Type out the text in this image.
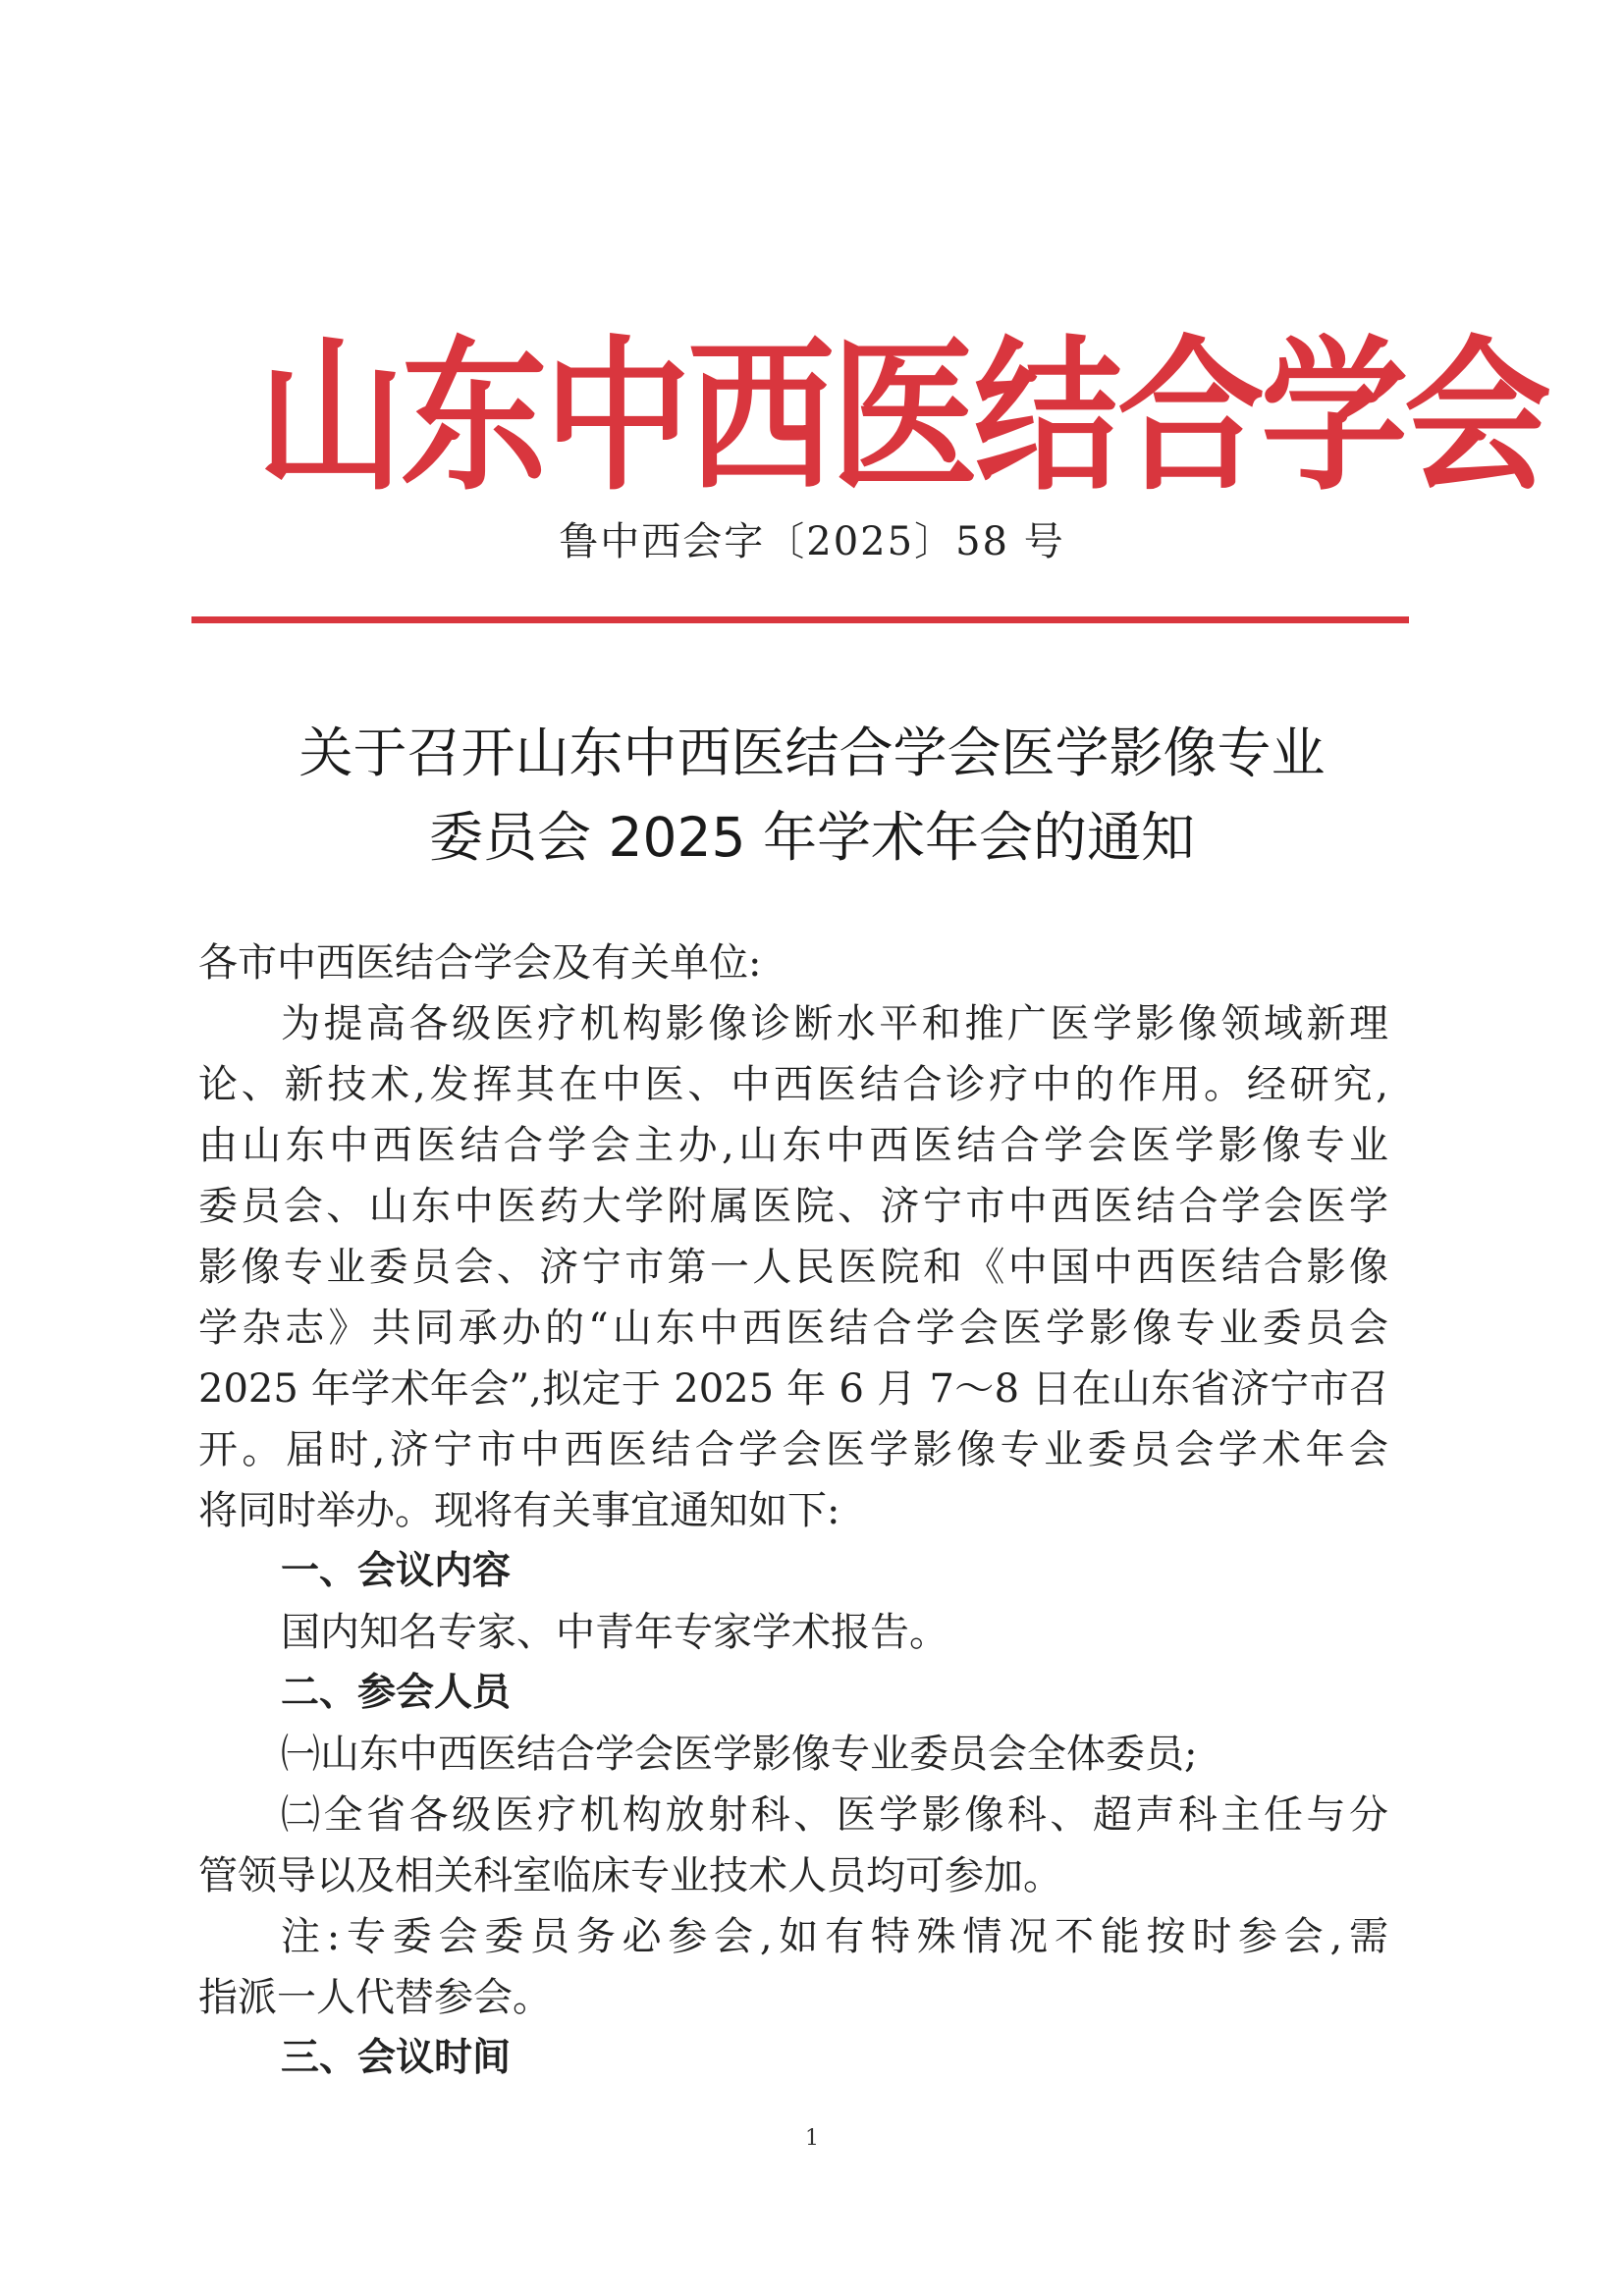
山东中西医结合学会
鲁中西会字〔2025〕58 号
关于召开山东中西医结合学会医学影像专业
委员会 2025 年学术年会的通知
各市中西医结合学会及有关单位:
为提高各级医疗机构影像诊断水平和推广医学影像领域新理
论、新技术,发挥其在中医、中西医结合诊疗中的作用。经研究,
由山东中西医结合学会主办,山东中西医结合学会医学影像专业
委员会、山东中医药大学附属医院、济宁市中西医结合学会医学
影像专业委员会、济宁市第一人民医院和《中国中西医结合影像
学杂志》共同承办的“山东中西医结合学会医学影像专业委员会
2025 年学术年会”,拟定于 2025 年 6 月 7～8 日在山东省济宁市召
开。届时,济宁市中西医结合学会医学影像专业委员会学术年会
将同时举办。现将有关事宜通知如下:
一、会议内容
国内知名专家、中青年专家学术报告。
二、参会人员
㈠山东中西医结合学会医学影像专业委员会全体委员;
㈡全省各级医疗机构放射科、医学影像科、超声科主任与分
管领导以及相关科室临床专业技术人员均可参加。
注:专委会委员务必参会,如有特殊情况不能按时参会,需
指派一人代替参会。
三、会议时间
1
